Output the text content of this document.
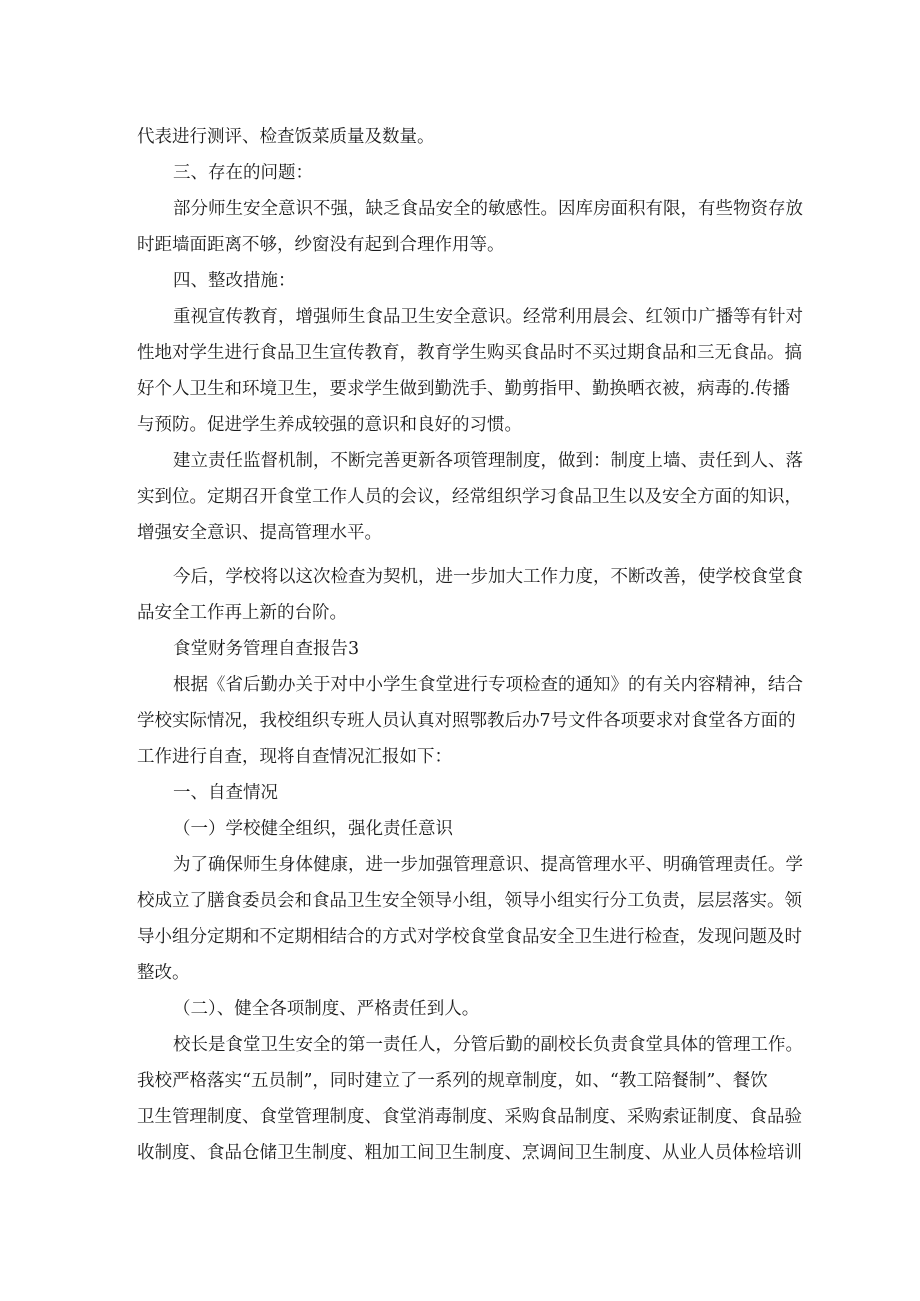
代表进行测评、检查饭菜质量及数量。
三、存在的问题：
部分师生安全意识不强，缺乏食品安全的敏感性。因库房面积有限，有些物资存放
时距墙面距离不够，纱窗没有起到合理作用等。
四、整改措施：
重视宣传教育，增强师生食品卫生安全意识。经常利用晨会、红领巾广播等有针对
性地对学生进行食品卫生宣传教育，教育学生购买食品时不买过期食品和三无食品。搞
好个人卫生和环境卫生，要求学生做到勤洗手、勤剪指甲、勤换晒衣被，病毒的.传播
与预防。促进学生养成较强的意识和良好的习惯。
建立责任监督机制，不断完善更新各项管理制度，做到：制度上墙、责任到人、落
实到位。定期召开食堂工作人员的会议，经常组织学习食品卫生以及安全方面的知识，
增强安全意识、提高管理水平。
今后，学校将以这次检查为契机，进一步加大工作力度，不断改善，使学校食堂食
品安全工作再上新的台阶。
食堂财务管理自查报告3
根据《省后勤办关于对中小学生食堂进行专项检查的通知》的有关内容精神，结合
学校实际情况，我校组织专班人员认真对照鄂教后办7号文件各项要求对食堂各方面的
工作进行自查，现将自查情况汇报如下：
一、自查情况
（一）学校健全组织，强化责任意识
为了确保师生身体健康，进一步加强管理意识、提高管理水平、明确管理责任。学
校成立了膳食委员会和食品卫生安全领导小组，领导小组实行分工负责，层层落实。领
导小组分定期和不定期相结合的方式对学校食堂食品安全卫生进行检查，发现问题及时
整改。
（二）、健全各项制度、严格责任到人。
校长是食堂卫生安全的第一责任人，分管后勤的副校长负责食堂具体的管理工作。
我校严格落实“五员制”，同时建立了一系列的规章制度，如、“教工陪餐制”、餐饮
卫生管理制度、食堂管理制度、食堂消毒制度、采购食品制度、采购索证制度、食品验
收制度、食品仓储卫生制度、粗加工间卫生制度、烹调间卫生制度、从业人员体检培训
